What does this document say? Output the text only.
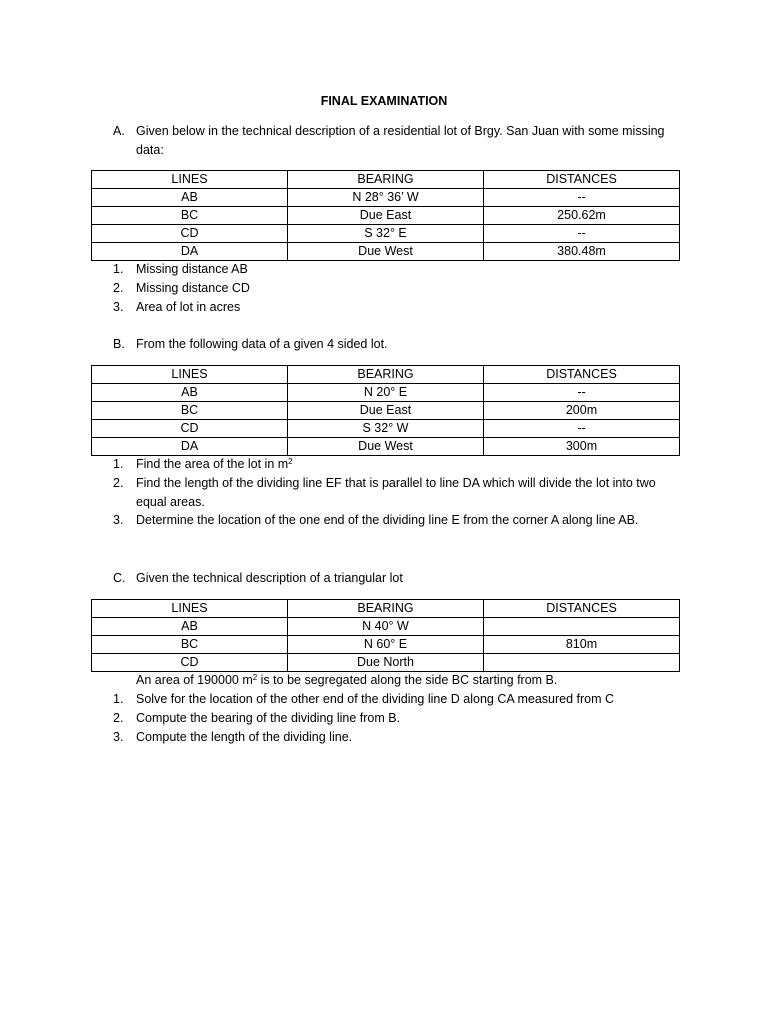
FINAL EXAMINATION
A. Given below in the technical description of a residential lot of Brgy. San Juan with some missing
data:
LINES	BEARING	DISTANCES
AB	N 28° 36’ W	--
BC	Due East	250.62m
CD	S 32° E	--
DA	Due West	380.48m
1. Missing distance AB
2. Missing distance CD
3. Area of lot in acres
B. From the following data of a given 4 sided lot.
LINES	BEARING	DISTANCES
AB	N 20° E	--
BC	Due East	200m
CD	S 32° W	--
DA	Due West	300m
1. Find the area of the lot in $m^2$
2. Find the length of the dividing line EF that is parallel to line DA which will divide the lot into two
equal areas.
3. Determine the location of the one end of the dividing line E from the corner A along line AB.
C. Given the technical description of a triangular lot
LINES	BEARING	DISTANCES
AB	N 40° W	
BC	N 60° E	810m
CD	Due North	
An area of 190000 $m^2$ is to be segregated along the side BC starting from B.
1. Solve for the location of the other end of the dividing line D along CA measured from C
2. Compute the bearing of the dividing line from B.
3. Compute the length of the dividing line.
